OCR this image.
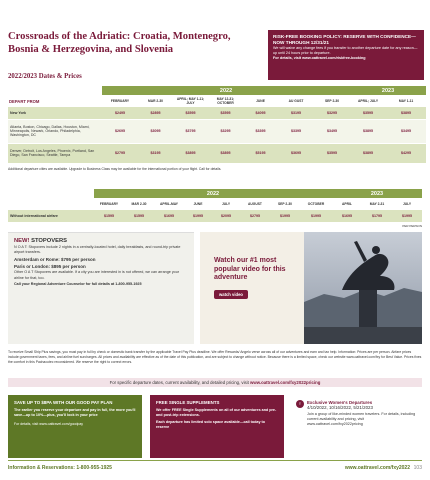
Crossroads of the Adriatic: Croatia, Montenegro, Bosnia & Herzegovina, and Slovenia
2022/2023 Dates & Prices
RISK-FREE BOOKING POLICY: RESERVE WITH CONFIDENCE—NOW THROUGH 12/31/21
We will waive any change fees if you transfer to another departure date for any reason—up until 24 hours prior to departure.
For details, visit www.oattravel.com/riskfree-booking
	2022							2023	
DEPART FROM	FEBRUARY	MAR 2-30	APRIL; MAY 1-11; JULY	MAY 12-31; OCTOBER	JUNE	AU GUST	SEP 2-30	APRIL; JULY	MAY 1-11
New York	$2495	$2895	$3595	$3595	$4095	$3195	$3295	$3595	$3895
Atlanta, Boston, Chicago, Dallas, Houston, Miami, Minneapolis, Newark, Orlando, Philadelphia, Washington, DC	$2695	$3095	$3795	$3295	$3395	$3395	$3495	$3895	$3495
Denver, Detroit, Los Angeles, Phoenix, Portland, San Diego, San Francisco, Seattle, Tampa	$2795	$3195	$3895	$3895	$5195	$3695	$3595	$3895	$4295
Additional departure cities are available. Upgrade to Business Class may be available for the international portion of your flight. Call for details.
	2022								2023		
	FEBRUARY	MAR 2-30	APRIL-MAY	JUNE	JULY	AUGUST	SEP 2-30	OCTOBER	APRIL	MAY 2-31	JULY
Without international airfare	$1595	$1595	$1695	$1995	$2095	$2795	$1995	$1995	$1695	$1795	$1995
PER PERSON
NEW! STOPOVERS

N O A T: Stopovers include 2 nights in a centrally-located hotel, daily breakfasts, and round-trip private airport transfers.

Amsterdam or Rome: $795 per person
Paris or London: $895 per person

Other O A T Stopovers are available. If a city you are interested in is not offered, we can arrange your airline for that, too.

Call your Regional Adventure Counselor for full details at 1-800-955-1925

Watch our #1 most popular video for this adventure
watch video
To receive Small Ship Plus savings, you must pay in full by check or domestic bank transfer by the applicable Travel Pay Plus deadline. We offer Rewards/ Angelo verse across all of our adventures and earn and tax help. Information: Prices are per person. Airfare prices include government taxes, fees, and airline fuel surcharges. All prices and availability are effective as of the date of this publication, and are subject to change without notice. Because there is a limited space, check our website www.oattravel.com/fxy for Best Value. Prices fixes the comfort in this Pachacutec reconsidered. We reserve the right to correct errors.
For specific departure dates, current availability, and detailed pricing, visit www.oattravel.com/fxy2022pricing
SAVE UP TO $8PA WITH OUR GOOD PAY PLAN

The earlier you reserve your departure and pay in full, the more you'll save—up to 10%—plus, you'll lock in your price

For details, visit www.oattravel.com/goodpay

FREE SINGLE SUPPLEMENTS

We offer FREE Single Supplements on all of our adventures and pre- and post-trip extensions.

Each departure has limited solo space available—call today to reserve

♀	Exclusive Women's Departures
4/10/2022, 10/16/2022, 5/21/2023

Join a group of like-minded women travelers. For details, including current availability and pricing, visit www.oattravel.com/fxy2022pricing

Information & Reservations: 1-800-955-1925	www.oattravel.com/fxy2022 103
